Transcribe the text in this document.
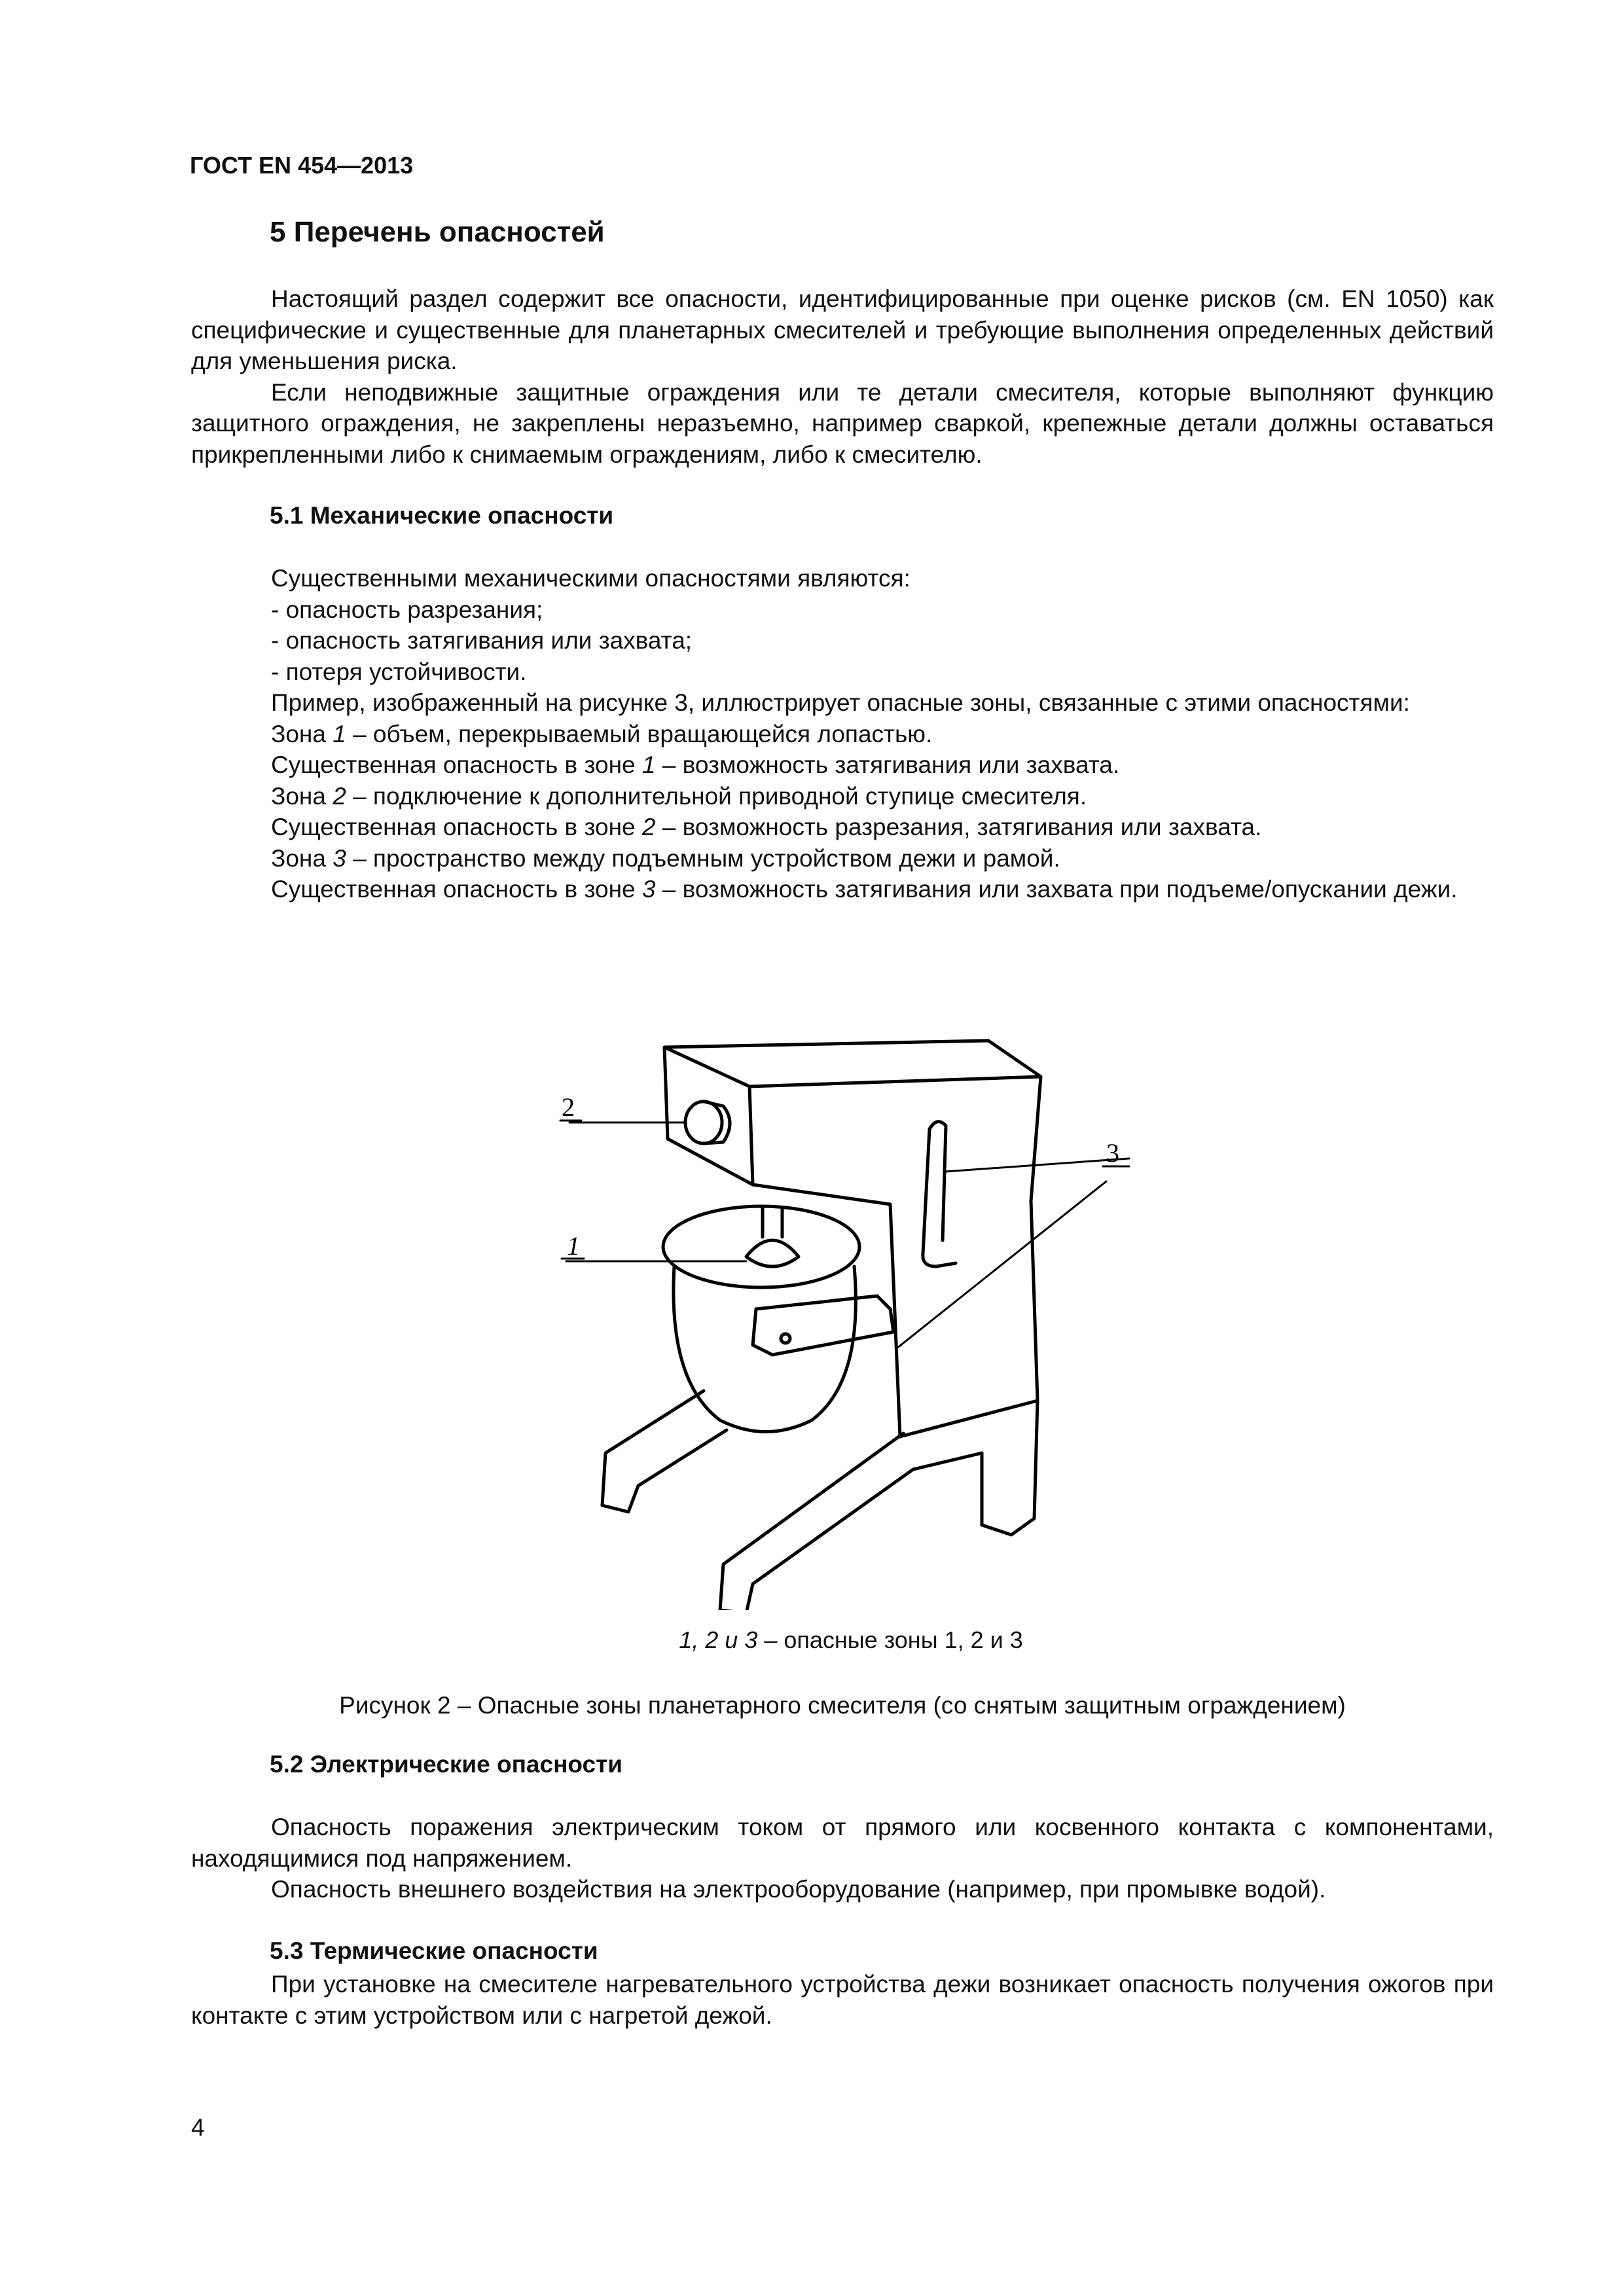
ГОСТ EN 454—2013
5 Перечень опасностей

Настоящий раздел содержит все опасности, идентифицированные при оценке рисков (см. EN 1050) как специфические и существенные для планетарных смесителей и требующие выполнения определенных действий для уменьшения риска.

Если неподвижные защитные ограждения или те детали смесителя, которые выполняют функцию защитного ограждения, не закреплены неразъемно, например сваркой, крепежные детали должны оставаться прикрепленными либо к снимаемым ограждениям, либо к смесителю.

5.1 Механические опасности

Существенными механическими опасностями являются:

- опасность разрезания;

- опасность затягивания или захвата;

- потеря устойчивости.

Пример, изображенный на рисунке 3, иллюстрирует опасные зоны, связанные с этими опасностями:

Зона 1 – объем, перекрываемый вращающейся лопастью.

Существенная опасность в зоне 1 – возможность затягивания или захвата.

Зона 2 – подключение к дополнительной приводной ступице смесителя.

Существенная опасность в зоне 2 – возможность разрезания, затягивания или захвата.

Зона 3 – пространство между подъемным устройством дежи и рамой.

Существенная опасность в зоне 3 – возможность затягивания или захвата при подъеме/опускании дежи.

2
1
3
1, 2 и 3 – опасные зоны 1, 2 и 3
Рисунок 2 – Опасные зоны планетарного смесителя (со снятым защитным ограждением)
5.2 Электрические опасности

Опасность поражения электрическим током от прямого или косвенного контакта с компонентами, находящимися под напряжением.

Опасность внешнего воздействия на электрооборудование (например, при промывке водой).

5.3 Термические опасности

При установке на смесителе нагревательного устройства дежи возникает опасность получения ожогов при контакте с этим устройством или с нагретой дежой.

4
